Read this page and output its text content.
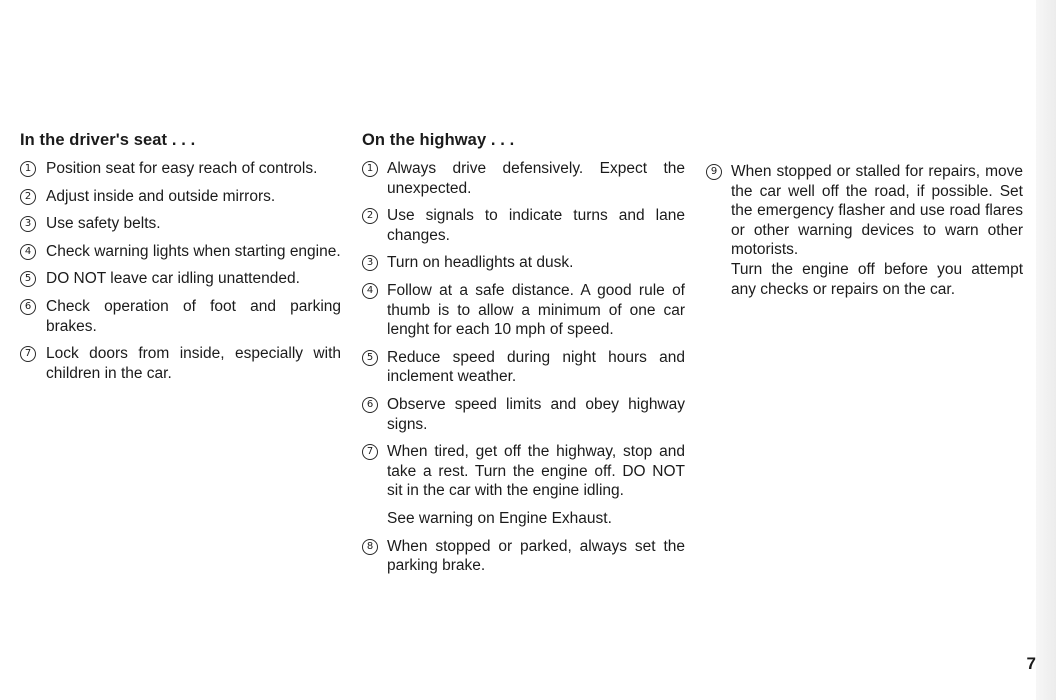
In the driver's seat . . .
1 Position seat for easy reach of controls.
2 Adjust inside and outside mirrors.
3 Use safety belts.
4 Check warning lights when starting engine.
5 DO NOT leave car idling unattended.
6 Check operation of foot and parking brakes.
7 Lock doors from inside, especially with children in the car.
On the highway . . .
1 Always drive defensively. Expect the unexpected.
2 Use signals to indicate turns and lane changes.
3 Turn on headlights at dusk.
4 Follow at a safe distance. A good rule of thumb is to allow a minimum of one car lenght for each 10 mph of speed.
5 Reduce speed during night hours and inclement weather.
6 Observe speed limits and obey highway signs.
7 When tired, get off the highway, stop and take a rest. Turn the engine off. DO NOT sit in the car with the engine idling.
See warning on Engine Exhaust.
8 When stopped or parked, always set the parking brake.
9 When stopped or stalled for repairs, move the car well off the road, if possible. Set the emergency flasher and use road flares or other warning devices to warn other motorists.
Turn the engine off before you attempt any checks or repairs on the car.
7
